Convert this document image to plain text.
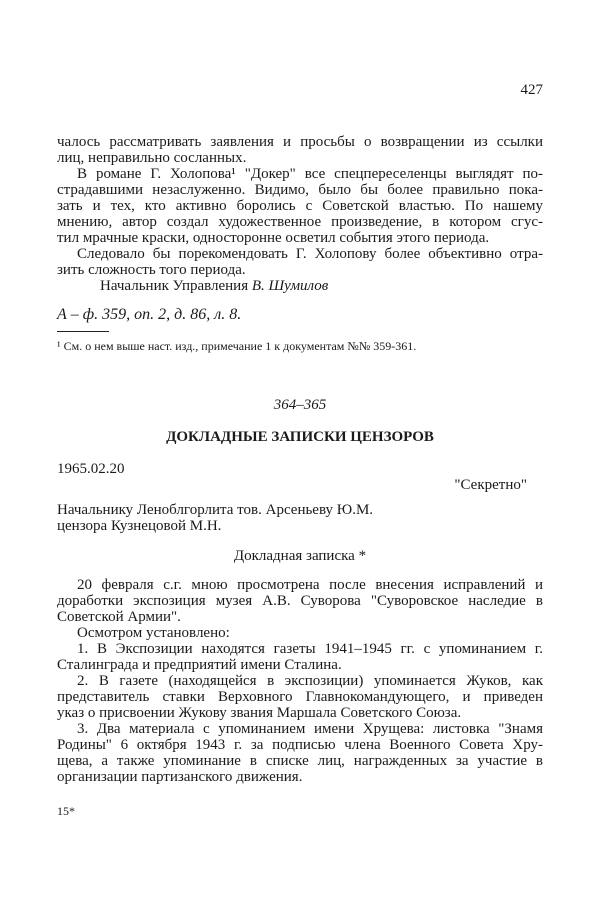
427
чалось рассматривать заявления и просьбы о возвращении из ссылки
лиц, неправильно сосланных.
В романе Г. Холопова¹ "Докер" все спецпереселенцы выглядят по-
страдавшими незаслуженно. Видимо, было бы более правильно пока-
зать и тех, кто активно боролись с Советской властью. По нашему
мнению, автор создал художественное произведение, в котором сгус-
тил мрачные краски, односторонне осветил события этого периода.
Следовало бы порекомендовать Г. Холопову более объективно отра-
зить сложность того периода.
Начальник Управления В. Шумилов
А – ф. 359, оп. 2, д. 86, л. 8.
¹ См. о нем выше наст. изд., примечание 1 к документам №№ 359-361.
364–365
ДОКЛАДНЫЕ ЗАПИСКИ ЦЕНЗОРОВ
1965.02.20
"Секретно"
Начальнику Леноблгорлита тов. Арсеньеву Ю.М.
цензора Кузнецовой М.Н.
Докладная записка *
20 февраля с.г. мною просмотрена после внесения исправлений и
доработки экспозиция музея А.В. Суворова "Суворовское наследие в
Советской Армии".
Осмотром установлено:
1. В Экспозиции находятся газеты 1941–1945 гг. с упоминанием г.
Сталинграда и предприятий имени Сталина.
2. В газете (находящейся в экспозиции) упоминается Жуков, как
представитель ставки Верховного Главнокомандующего, и приведен
указ о присвоении Жукову звания Маршала Советского Союза.
3. Два материала с упоминанием имени Хрущева: листовка "Знамя
Родины" 6 октября 1943 г. за подписью члена Военного Совета Хру-
щева, а также упоминание в списке лиц, награжденных за участие в
организации партизанского движения.
15*
